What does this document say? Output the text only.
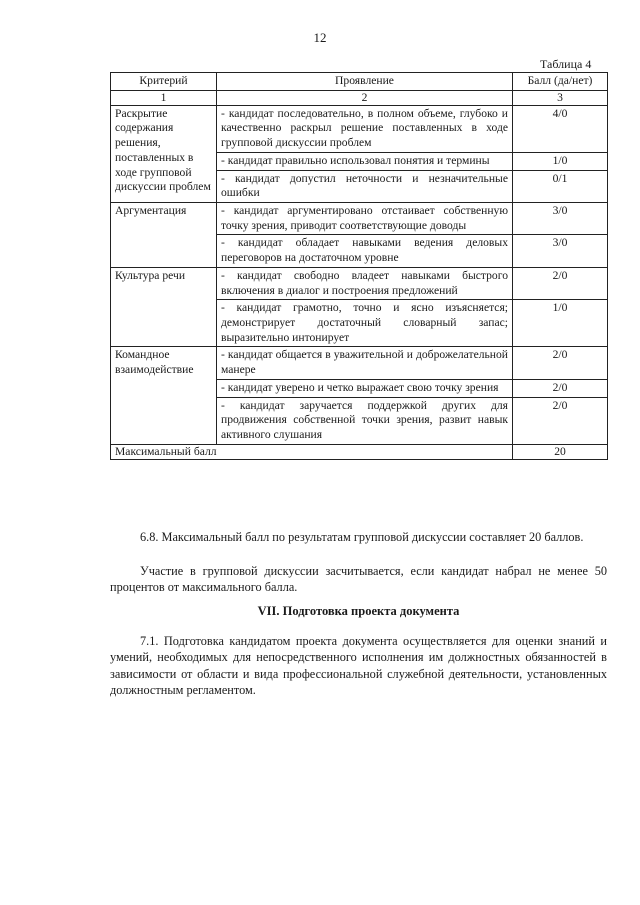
12
Таблица 4
Критерий	Проявление	Балл (да/нет)
1	2	3
Раскрытие содержания решения, поставленных в ходе групповой дискуссии проблем	- кандидат последовательно, в полном объеме, глубоко и качественно раскрыл решение поставленных в ходе групповой дискуссии проблем	4/0
	- кандидат правильно использовал понятия и термины	1/0
	- кандидат допустил неточности и незначительные ошибки	0/1
Аргументация	- кандидат аргументировано отстаивает собственную точку зрения, приводит соответствующие доводы	3/0
	- кандидат обладает навыками ведения деловых переговоров на достаточном уровне	3/0
Культура речи	- кандидат свободно владеет навыками быстрого включения в диалог и построения предложений	2/0
	- кандидат грамотно, точно и ясно изъясняется; демонстрирует достаточный словарный запас; выразительно интонирует	1/0
Командное взаимодействие	- кандидат общается в уважительной и доброжелательной манере	2/0
	- кандидат уверено и четко выражает свою точку зрения	2/0
	- кандидат заручается поддержкой других для продвижения собственной точки зрения, развит навык активного слушания	2/0
Максимальный балл		20
6.8. Максимальный балл по результатам групповой дискуссии составляет 20 баллов.
Участие в групповой дискуссии засчитывается, если кандидат набрал не менее 50 процентов от максимального балла.
VII. Подготовка проекта документа
7.1. Подготовка кандидатом проекта документа осуществляется для оценки знаний и умений, необходимых для непосредственного исполнения им должностных обязанностей в зависимости от области и вида профессиональной служебной деятельности, установленных должностным регламентом.
